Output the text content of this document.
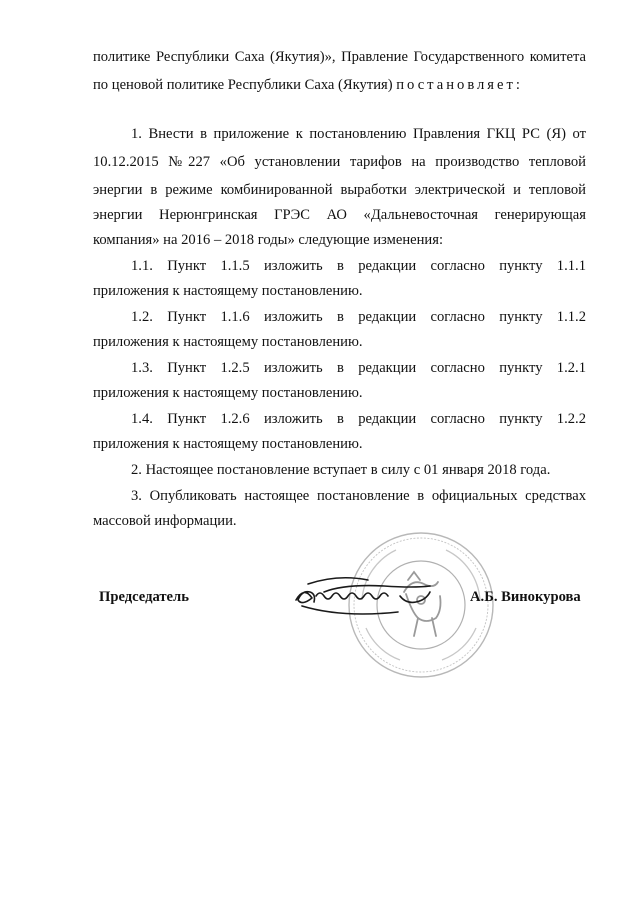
политике Республики Саха (Якутия)», Правление Государственного комитета
по ценовой политике Республики Саха (Якутия) постановляет:
1. Внести в приложение к постановлению Правления ГКЦ РС (Я) от
10.12.2015 №227 «Об установлении тарифов на производство тепловой
энергии в режиме комбинированной выработки электрической и тепловой
энергии Нерюнгринская ГРЭС АО «Дальневосточная генерирующая
компания» на 2016 – 2018 годы» следующие изменения:
1.1. Пункт 1.1.5 изложить в редакции согласно пункту 1.1.1
приложения к настоящему постановлению.
1.2. Пункт 1.1.6 изложить в редакции согласно пункту 1.1.2
приложения к настоящему постановлению.
1.3. Пункт 1.2.5 изложить в редакции согласно пункту 1.2.1
приложения к настоящему постановлению.
1.4. Пункт 1.2.6 изложить в редакции согласно пункту 1.2.2
приложения к настоящему постановлению.
2. Настоящее постановление вступает в силу с 01 января 2018 года.
3. Опубликовать настоящее постановление в официальных средствах
массовой информации.
Председатель	А.Б. Винокурова
